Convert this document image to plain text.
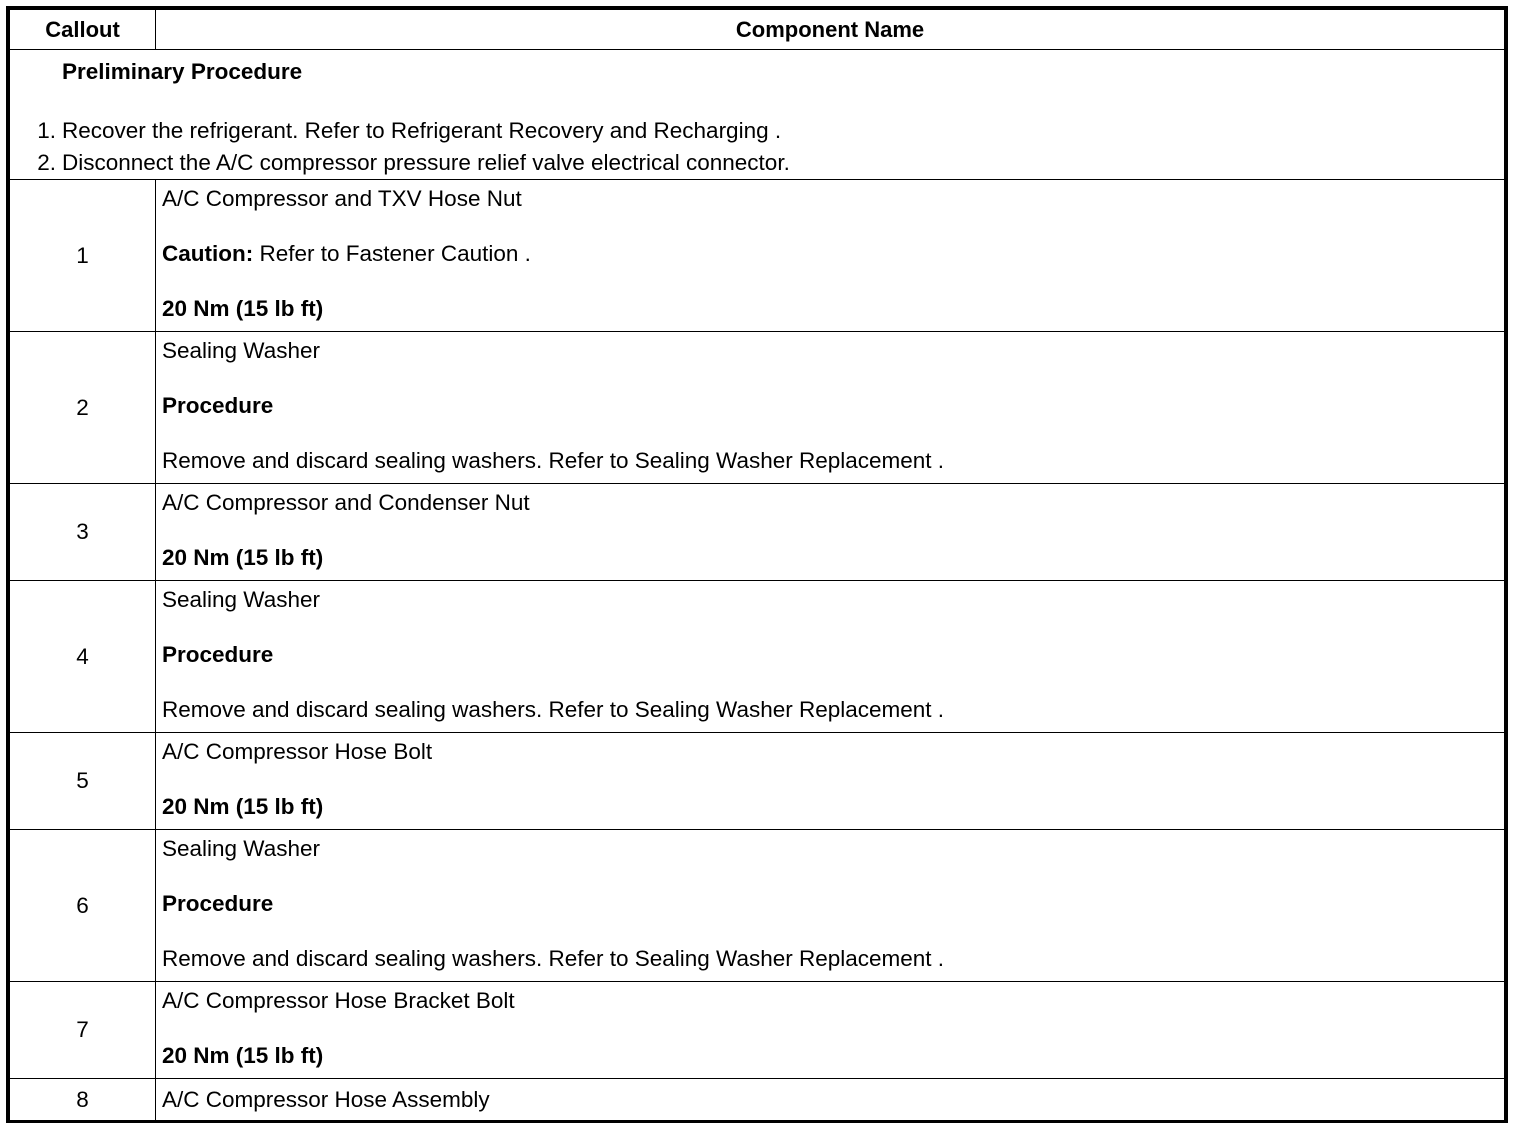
Callout	Component Name

Preliminary Procedure
1. Recover the refrigerant. Refer to Refrigerant Recovery and Recharging .
2. Disconnect the A/C compressor pressure relief valve electrical connector.	

1	A/C Compressor and TXV Hose Nut
Caution: Refer to Fastener Caution .
20 Nm (15 lb ft)

2	Sealing Washer
Procedure
Remove and discard sealing washers. Refer to Sealing Washer Replacement .

3	A/C Compressor and Condenser Nut
20 Nm (15 lb ft)

4	Sealing Washer
Procedure
Remove and discard sealing washers. Refer to Sealing Washer Replacement .

5	A/C Compressor Hose Bolt
20 Nm (15 lb ft)

6	Sealing Washer
Procedure
Remove and discard sealing washers. Refer to Sealing Washer Replacement .

7	A/C Compressor Hose Bracket Bolt
20 Nm (15 lb ft)

8	A/C Compressor Hose Assembly
